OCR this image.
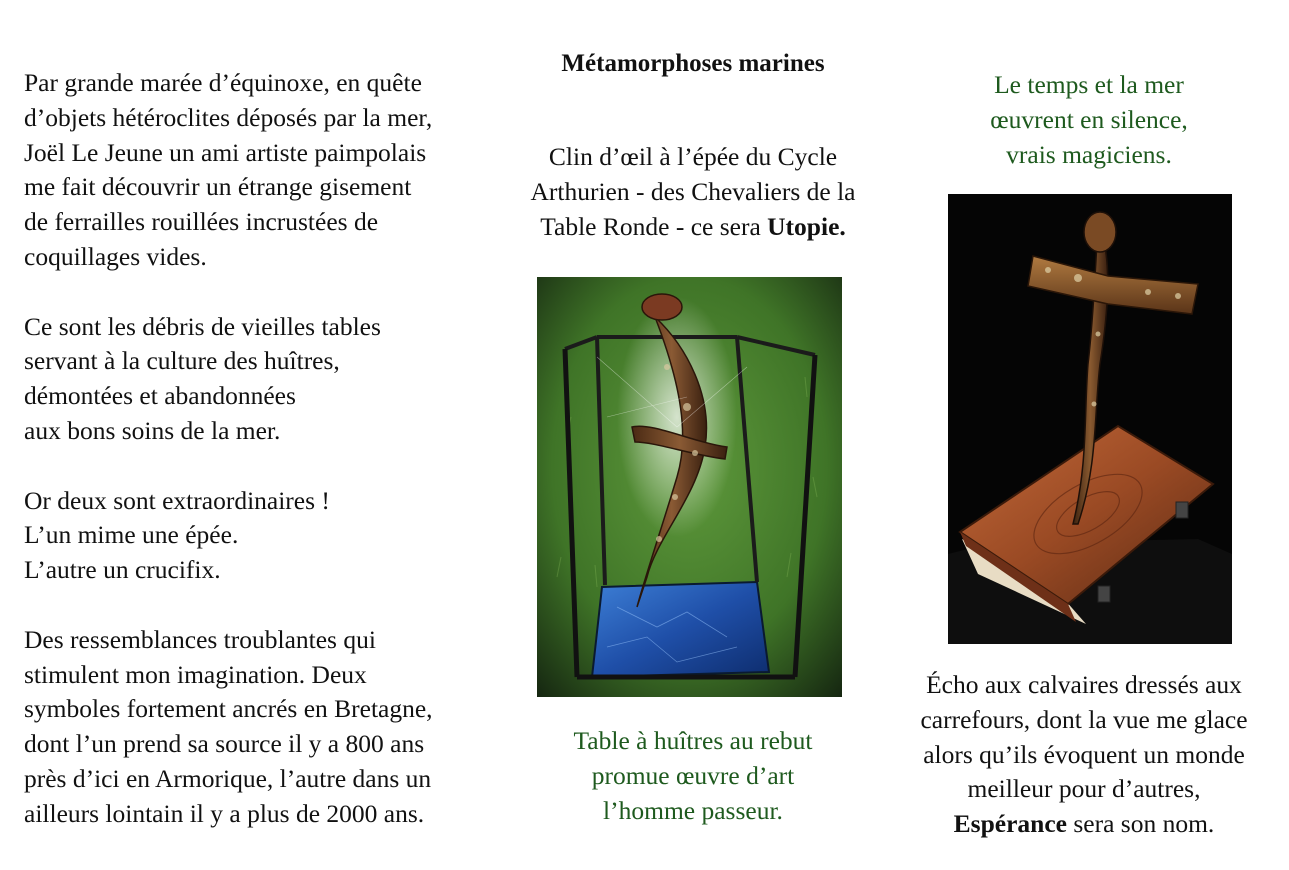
Par grande marée d’équinoxe, en quête
d’objets hétéroclites déposés par la mer,
Joël Le Jeune un ami artiste paimpolais
me fait découvrir un étrange gisement
de ferrailles rouillées incrustées de
coquillages vides.

Ce sont les débris de vieilles tables
servant à la culture des huîtres,
démontées et abandonnées
aux bons soins de la mer.

Or deux sont extraordinaires !
L’un mime une épée.
L’autre un crucifix.

Des ressemblances troublantes qui
stimulent mon imagination. Deux
symboles fortement ancrés en Bretagne,
dont l’un prend sa source il y a 800 ans
près d’ici en Armorique, l’autre dans un
ailleurs lointain il y a plus de 2000 ans.

Métamorphoses marines
Clin d’œil à l’épée du Cycle
Arthurien - des Chevaliers de la
Table Ronde - ce sera Utopie.
Table à huîtres au rebut
promue œuvre d’art
l’homme passeur.
Le temps et la mer
œuvrent en silence,
vrais magiciens.
Écho aux calvaires dressés aux
carrefours, dont la vue me glace
alors qu’ils évoquent un monde
meilleur pour d’autres,
Espérance sera son nom.
